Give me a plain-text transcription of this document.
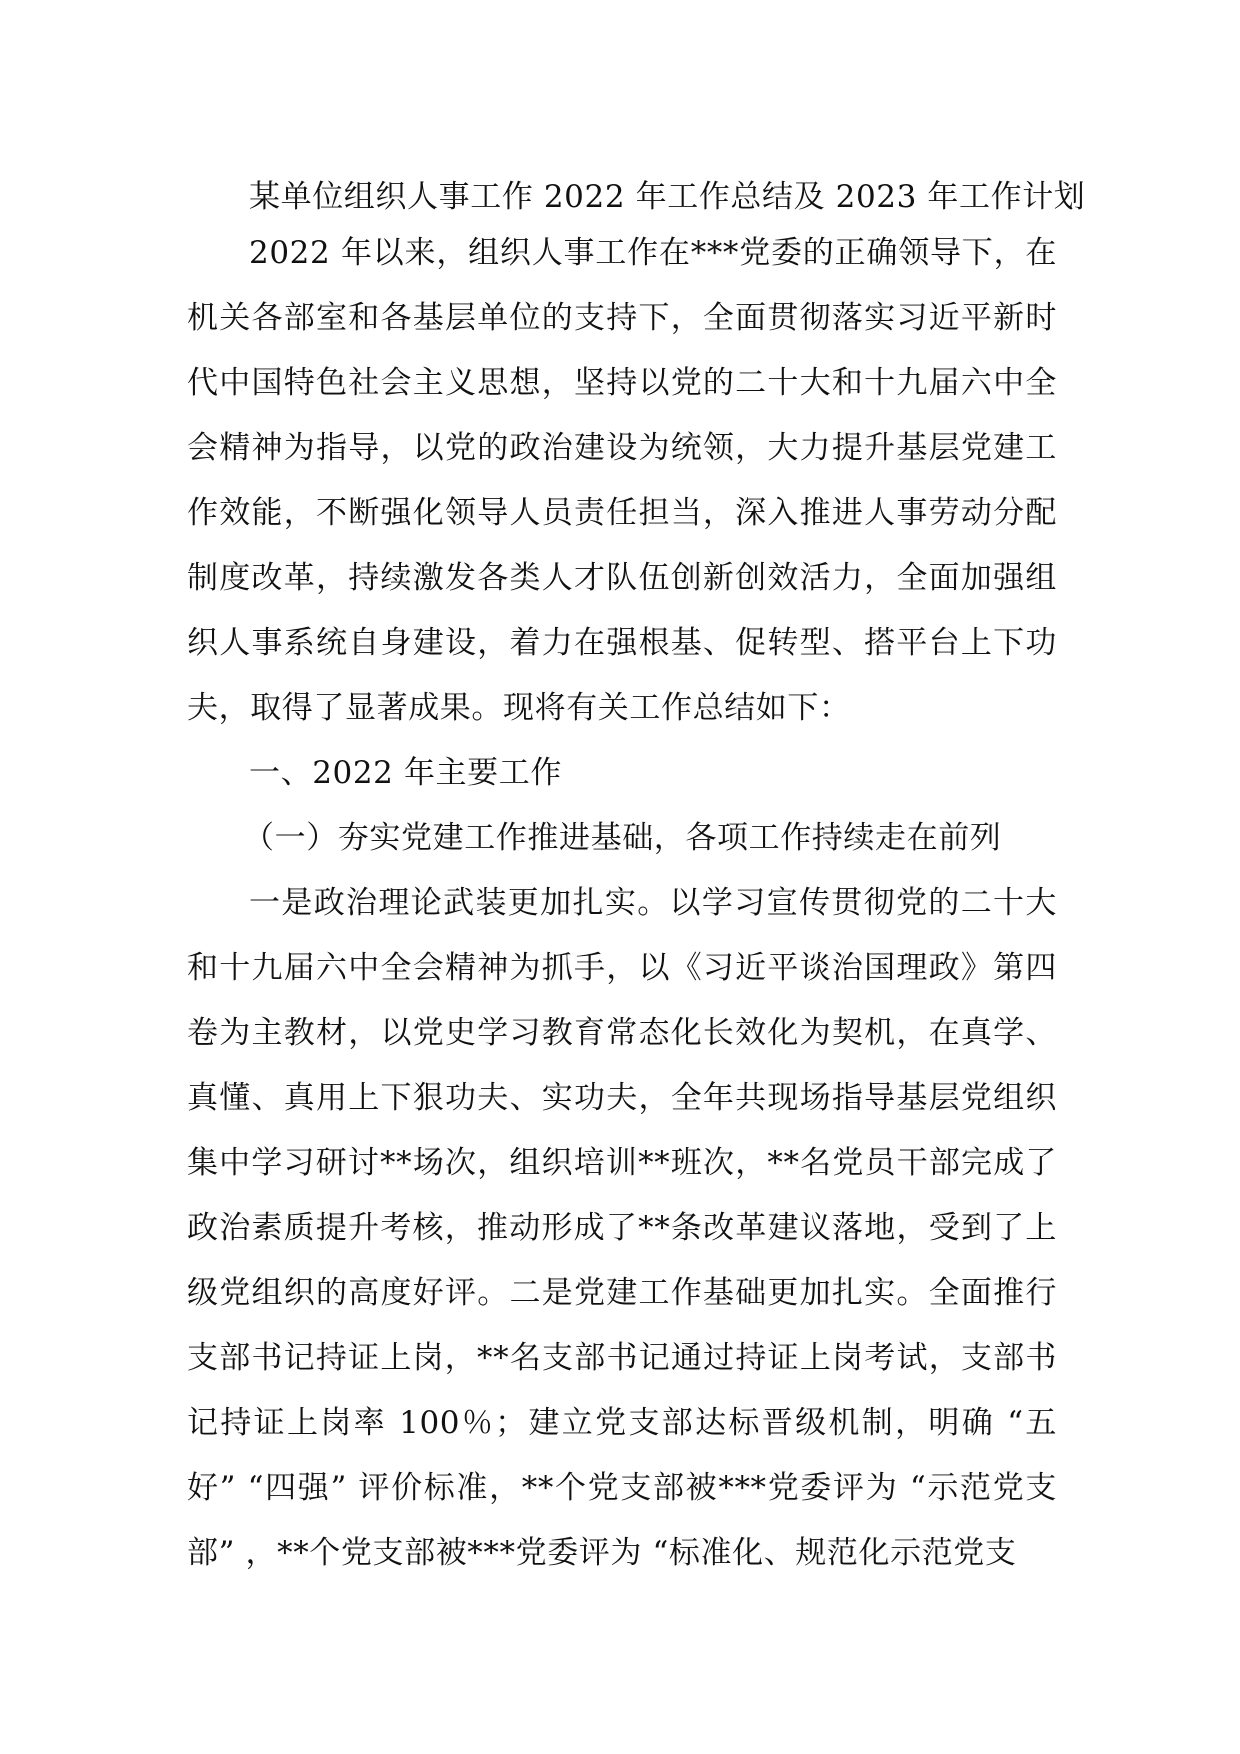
某单位组织人事工作 2022 年工作总结及 2023 年工作计划

2022 年以来，组织人事工作在***党委的正确领导下，在机关各部室和各基层单位的支持下，全面贯彻落实习近平新时代中国特色社会主义思想，坚持以党的二十大和十九届六中全会精神为指导，以党的政治建设为统领，大力提升基层党建工作效能，不断强化领导人员责任担当，深入推进人事劳动分配制度改革，持续激发各类人才队伍创新创效活力，全面加强组织人事系统自身建设，着力在强根基、促转型、搭平台上下功夫，取得了显著成果。现将有关工作总结如下：

一、2022 年主要工作
（一）夯实党建工作推进基础，各项工作持续走在前列

一是政治理论武装更加扎实。以学习宣传贯彻党的二十大和十九届六中全会精神为抓手，以《习近平谈治国理政》第四卷为主教材，以党史学习教育常态化长效化为契机，在真学、真懂、真用上下狠功夫、实功夫，全年共现场指导基层党组织集中学习研讨**场次，组织培训**班次，**名党员干部完成了政治素质提升考核，推动形成了**条改革建议落地，受到了上级党组织的高度好评。二是党建工作基础更加扎实。全面推行支部书记持证上岗，**名支部书记通过持证上岗考试，支部书记持证上岗率 100％；建立党支部达标晋级机制，明确 “五好” “四强” 评价标准，**个党支部被***党委评为 “示范党支部” ，**个党支部被***党委评为 “标准化、规范化示范党支
